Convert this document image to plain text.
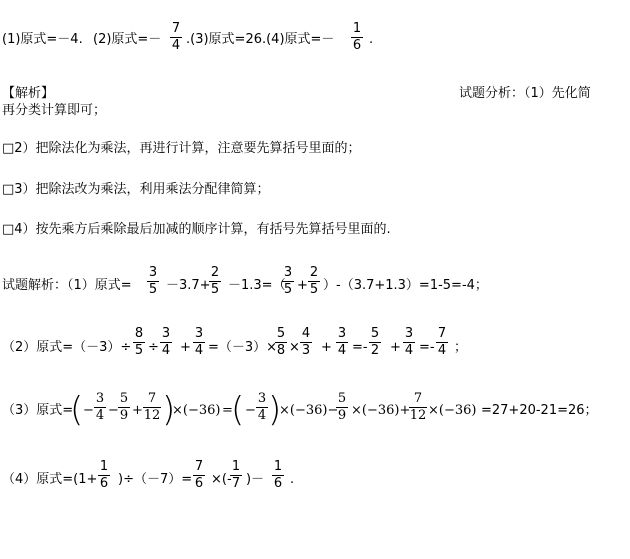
(1)原式=－4. (2)原式=－
7
4 .(3)原式=26.(4)原式=－
1
6 .
【解析】	试题分析：（1）先化简
再分类计算即可；
□2）把除法化为乘法，再进行计算，注意要先算括号里面的；
□3）把除法改为乘法，利用乘法分配律简算；
□4）按先乘方后乘除最后加减的顺序计算，有括号先算括号里面的.
试题解析：（1）原式=
3
5 －3.7+
2
5 －1.3=（
3
5 +
2
5 ）-（3.7+1.3）=1-5=-4；
（2）原式=（－3）÷
8
5 ÷
3
4 +
3
4 =（－3）×
5
8 ×
4
3 +
3
4 =-
5
2 +
3
4 =-
7
4 ；
（3）原式=
( −
3
4 −
5
9 +
7
12 )
×(−36) =
( −
3
4 )
×(−36)−
5
9 ×(−36)+
7
12 ×(−36) =27+20-21=26；
（4）原式=(1+
1
6 )÷（－7）=
7
6 ×(-
1
7 )－
1
6 .
